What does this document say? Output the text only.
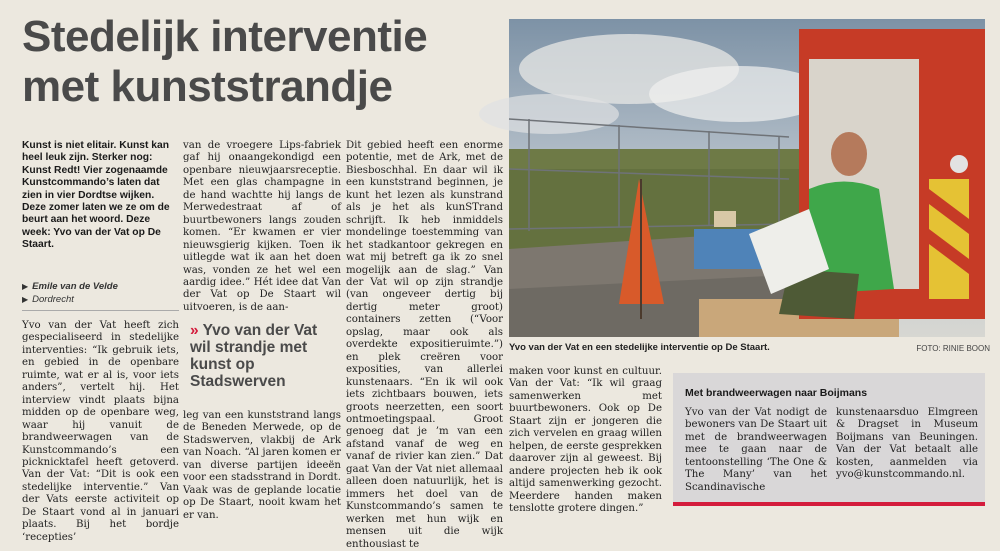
Stedelijk interventie met kunststrandje
Kunst is niet elitair. Kunst kan heel leuk zijn. Sterker nog: Kunst Redt! Vier zogenaamde Kunstcommando’s laten dat zien in vier Dordtse wijken. Deze zomer laten we ze om de beurt aan het woord. Deze week: Yvo van der Vat op De Staart.
▶ Emile van de Velde
▶ Dordrecht

Yvo van der Vat heeft zich gespecialiseerd in stedelijke interventies: “Ik gebruik iets, en gebied in de openbare ruimte, wat er al is, voor iets anders”, vertelt hij. Het interview vindt plaats bijna midden op de openbare weg, waar hij vanuit de brandweerwagen van de Kunstcommando’s een picknicktafel heeft getoverd. Van der Vat: “Dit is ook een stedelijke interventie.” Van der Vats eerste activiteit op De Staart vond al in januari plaats. Bij het bordje ‘recepties’

van de vroegere Lips-fabriek gaf hij onaangekondigd een openbare nieuwjaarsreceptie. Met een glas champagne in de hand wachtte hij langs de Merwedestraat af of buurtbewoners langs zouden komen. “Er kwamen er vier nieuwsgierig kijken. Toen ik uitlegde wat ik aan het doen was, vonden ze het wel een aardig idee.” Hét idee dat Van der Vat op De Staart wil uitvoeren, is de aan-

» Yvo van der Vat wil strandje met kunst op Stadswerven

leg van een kunststrand langs de Beneden Merwede, op de Stadswerven, vlakbij de Ark van Noach. “Al jaren komen er van diverse partijen ideeën voor een stadsstrand in Dordt. Vaak was de geplande locatie op De Staart, nooit kwam het er van.

Dit gebied heeft een enorme potentie, met de Ark, met de Biesboschhal. En daar wil ik een kunststrand beginnen, je kunt het lezen als kunstrand als je het als kunSTrand schrijft. Ik heb inmiddels mondelinge toestemming van het stadkantoor gekregen en wat mij betreft ga ik zo snel mogelijk aan de slag.” Van der Vat wil op zijn strandje (van ongeveer dertig bij dertig meter groot) containers zetten (“Voor opslag, maar ook als overdekte expositieruimte.”) en plek creëren voor exposities, van allerlei kunstenaars. “En ik wil ook iets zichtbaars bouwen, iets groots neerzetten, een soort ontmoetingspaal. Groot genoeg dat je ’m van een afstand vanaf de weg en vanaf de rivier kan zien.” Dat gaat Van der Vat niet allemaal alleen doen natuurlijk, het is immers het doel van de Kunstcommando’s samen te werken met hun wijk en mensen uit die wijk enthousiast te

Yvo van der Vat en een stedelijke interventie op De Staart.	FOTO: RINIE BOON

maken voor kunst en cultuur. Van der Vat: “Ik wil graag samenwerken met buurtbewoners. Ook op De Staart zijn er jongeren die zich vervelen en graag willen helpen, de eerste gesprekken daarover zijn al geweest. Bij andere projecten heb ik ook altijd samenwerking gezocht. Meerdere handen maken tenslotte grotere dingen.”

Met brandweerwagen naar Boijmans
Yvo van der Vat nodigt de bewoners van De Staart uit met de brandweerwagen mee te gaan naar de tentoonstelling ‘The One & The Many’ van het Scandinavische
kunstenaarsduo Elmgreen & Dragset in Museum Boijmans van Beuningen. Van der Vat betaalt alle kosten, aanmelden via yvo@kunstcommando.nl.
